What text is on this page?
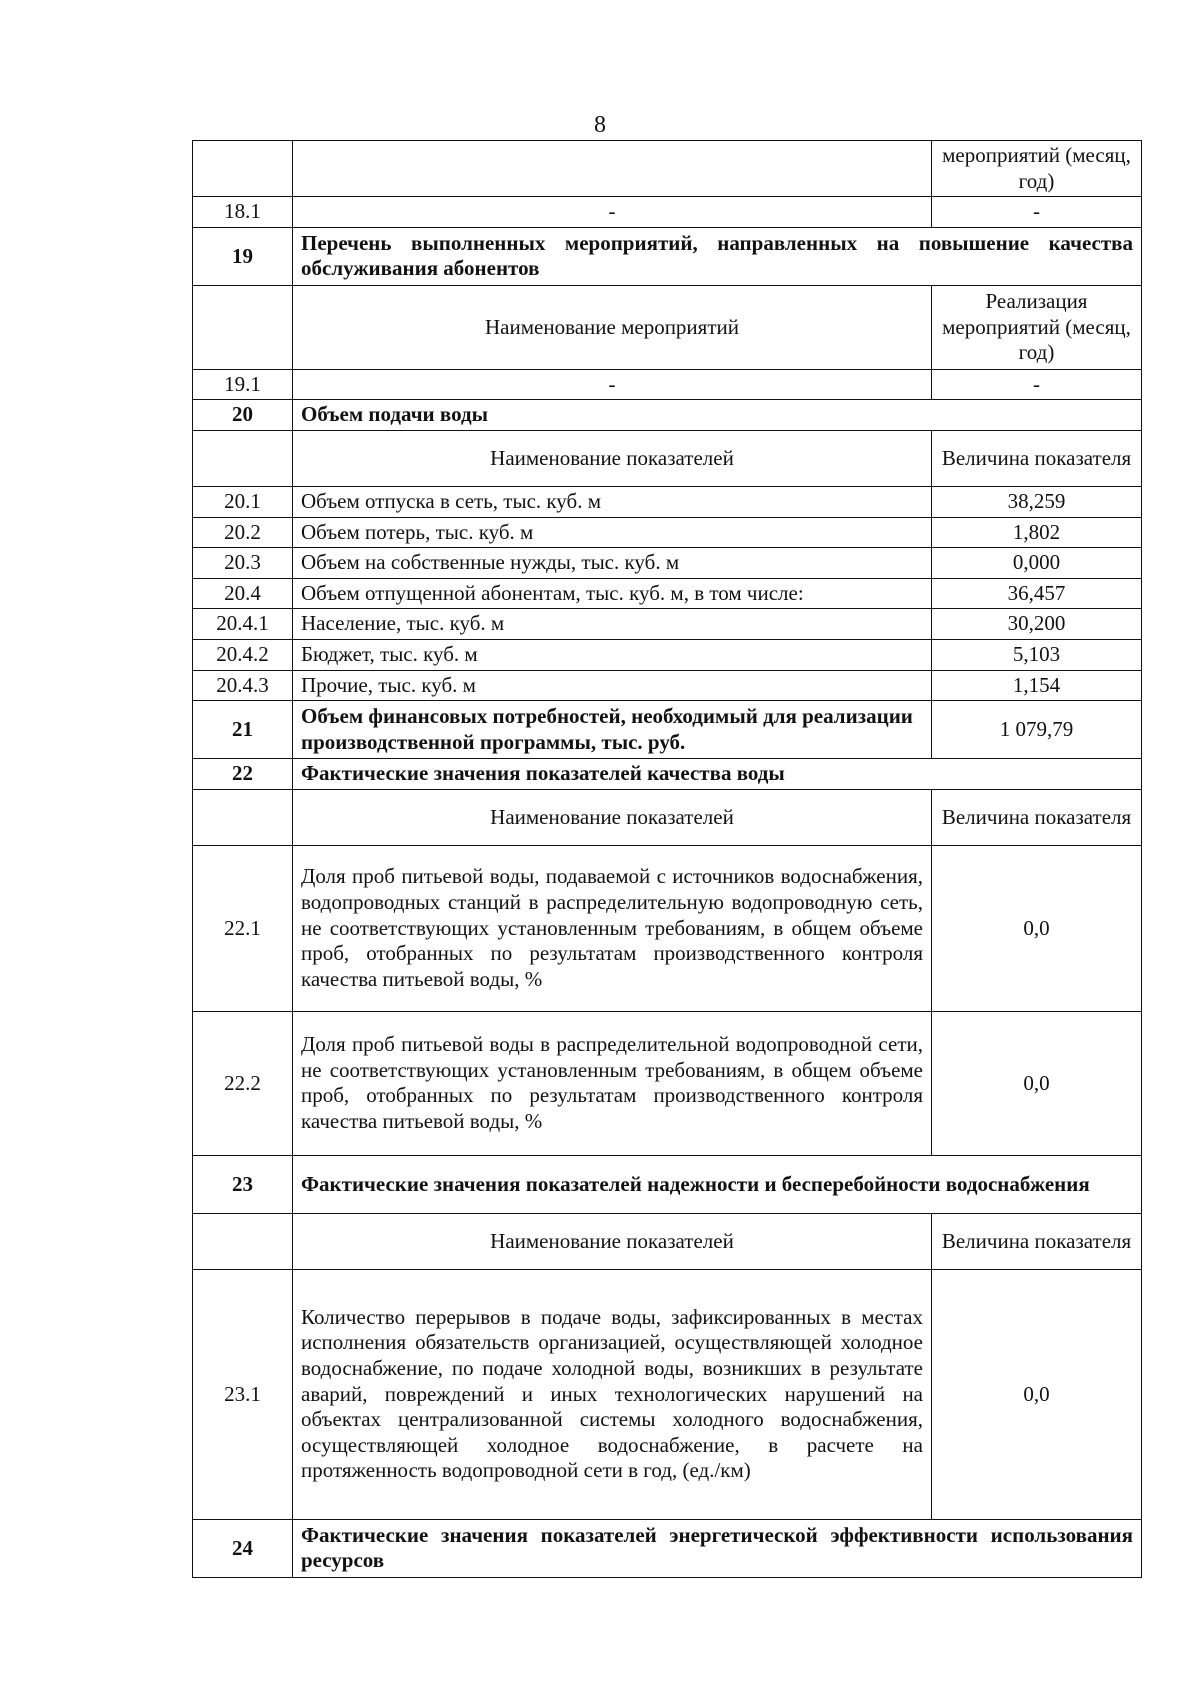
8
		мероприятий (месяц, год)
18.1	-	-
19	Перечень выполненных мероприятий, направленных на повышение качества обслуживания абонентов	
	Наименование мероприятий	Реализация мероприятий (месяц, год)
19.1	-	-
20	Объем подачи воды	
	Наименование показателей	Величина показателя
20.1	Объем отпуска в сеть, тыс. куб. м	38,259
20.2	Объем потерь, тыс. куб. м	1,802
20.3	Объем на собственные нужды, тыс. куб. м	0,000
20.4	Объем отпущенной абонентам, тыс. куб. м, в том числе:	36,457
20.4.1	Население, тыс. куб. м	30,200
20.4.2	Бюджет, тыс. куб. м	5,103
20.4.3	Прочие, тыс. куб. м	1,154
21	Объем финансовых потребностей, необходимый для реализации производственной программы, тыс. руб.	1 079,79
22	Фактические значения показателей качества воды	
	Наименование показателей	Величина показателя
22.1	Доля проб питьевой воды, подаваемой с источников водоснабжения, водопроводных станций в распределительную водопроводную сеть, не соответствующих установленным требованиям, в общем объеме проб, отобранных по результатам производственного контроля качества питьевой воды, %	0,0
22.2	Доля проб питьевой воды в распределительной водопроводной сети, не соответствующих установленным требованиям, в общем объеме проб, отобранных по результатам производственного контроля качества питьевой воды, %	0,0
23	Фактические значения показателей надежности и бесперебойности водоснабжения	
	Наименование показателей	Величина показателя
23.1	Количество перерывов в подаче воды, зафиксированных в местах исполнения обязательств организацией, осуществляющей холодное водоснабжение, по подаче холодной воды, возникших в результате аварий, повреждений и иных технологических нарушений на объектах централизованной системы холодного водоснабжения, осуществляющей холодное водоснабжение, в расчете на протяженность водопроводной сети в год, (ед./км)	0,0
24	Фактические значения показателей энергетической эффективности использования ресурсов	
